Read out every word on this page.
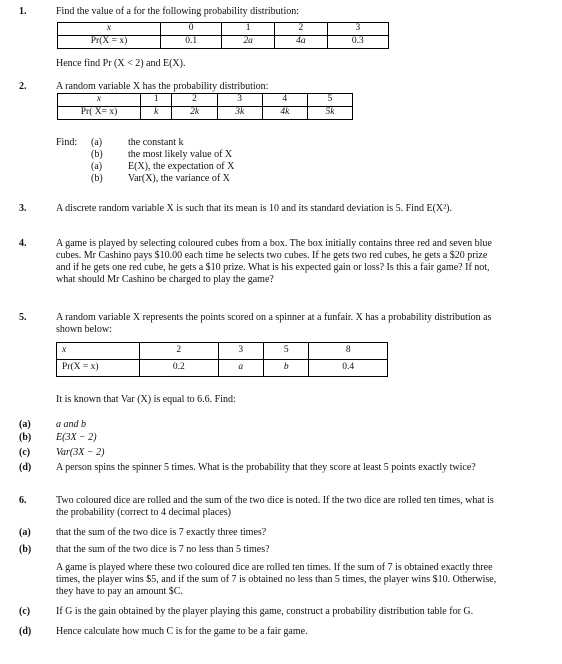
1.	Find the value of a for the following probability distribution:
x	0	1	2	3
Pr(X = x)	0.1	2a	4a	0.3
Hence find Pr (X < 2) and E(X).
2.	A random variable X has the probability distribution:
x	1	2	3	4	5
Pr( X= x)	k	2k	3k	4k	5k
Find: (a)	the constant k
(b)	the most likely value of X
(a)	E(X), the expectation of X
(b)	Var(X), the variance of X
3.	A discrete random variable X is such that its mean is 10 and its standard deviation is 5. Find E(X²).
4.	A game is played by selecting coloured cubes from a box. The box initially contains three red and seven blue
cubes. Mr Cashino pays $10.00 each time he selects two cubes. If he gets two red cubes, he gets a $20 prize
and if he gets one red cube, he gets a $10 prize. What is his expected gain or loss? Is this a fair game? If not,
what should Mr Cashino be charged to play the game?
5.	A random variable X represents the points scored on a spinner at a funfair. X has a probability distribution as
shown below:
x	2	3	5	8
Pr(X = x)	0.2	a	b	0.4
It is known that Var (X) is equal to 6.6. Find:
(a)	a and b
(b) E(3X − 2)
(c)	Var(3X − 2)
(d) A person spins the spinner 5 times. What is the probability that they score at least 5 points exactly twice?
6.	Two coloured dice are rolled and the sum of the two dice is noted. If the two dice are rolled ten times, what is
the probability (correct to 4 decimal places)
(a)	that the sum of the two dice is 7 exactly three times?
(b) that the sum of the two dice is 7 no less than 5 times?
A game is played where these two coloured dice are rolled ten times. If the sum of 7 is obtained exactly three
times, the player wins $5, and if the sum of 7 is obtained no less than 5 times, the player wins $10. Otherwise,
they have to pay an amount $C.
(c)	If G is the gain obtained by the player playing this game, construct a probability distribution table for G.
(d) Hence calculate how much C is for the game to be a fair game.
